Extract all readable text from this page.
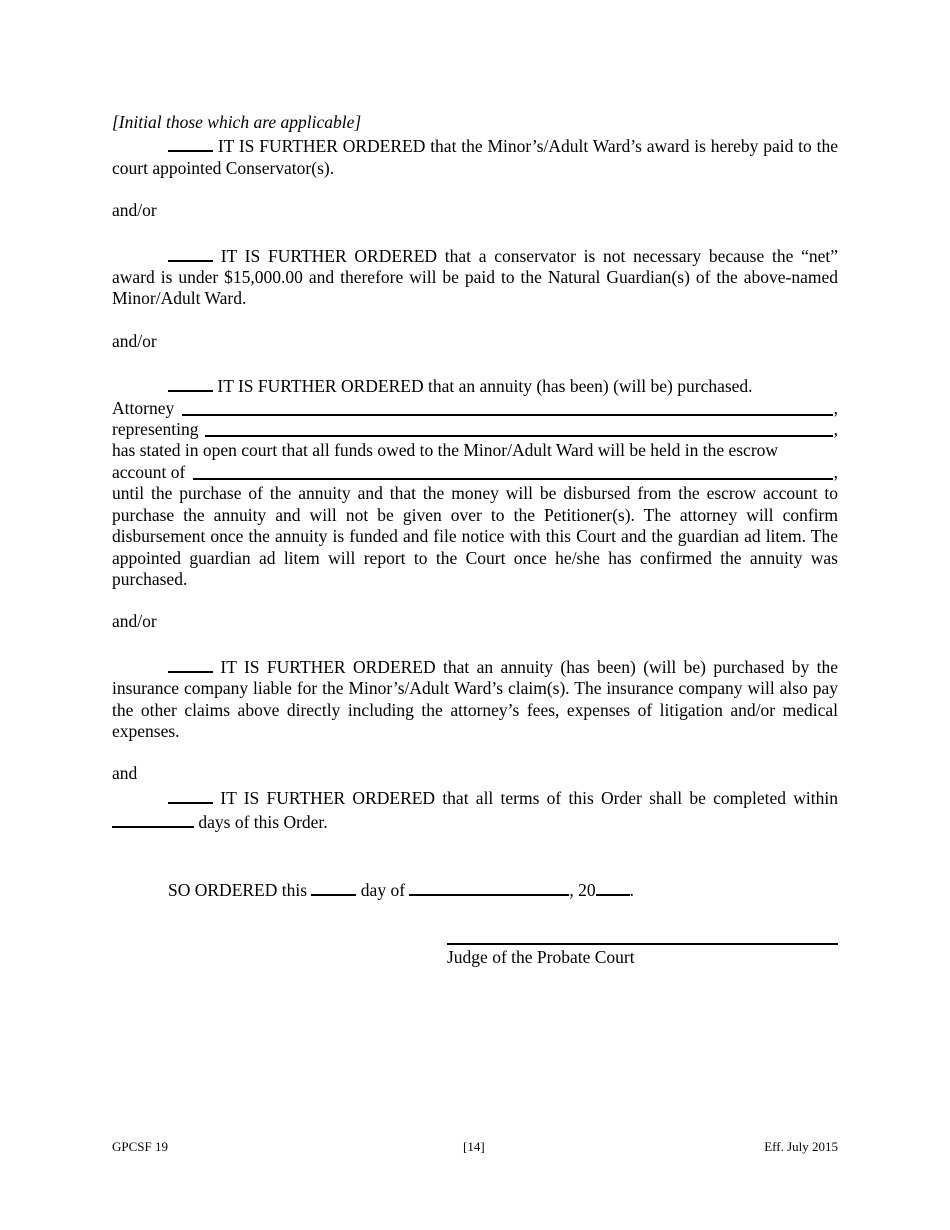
[Initial those which are applicable]

IT IS FURTHER ORDERED that the Minor’s/Adult Ward’s award is hereby paid to the court appointed Conservator(s).

and/or

IT IS FURTHER ORDERED that a conservator is not necessary because the “net” award is under $15,000.00 and therefore will be paid to the Natural Guardian(s) of the above-named Minor/Adult Ward.

and/or

IT IS FURTHER ORDERED that an annuity (has been) (will be) purchased.

Attorney	,
representing	,

has stated in open court that all funds owed to the Minor/Adult Ward will be held in the escrow

account of	,

until the purchase of the annuity and that the money will be disbursed from the escrow account to purchase the annuity and will not be given over to the Petitioner(s). The attorney will confirm disbursement once the annuity is funded and file notice with this Court and the guardian ad litem. The appointed guardian ad litem will report to the Court once he/she has confirmed the annuity was purchased.

and/or

IT IS FURTHER ORDERED that an annuity (has been) (will be) purchased by the insurance company liable for the Minor’s/Adult Ward’s claim(s). The insurance company will also pay the other claims above directly including the attorney’s fees, expenses of litigation and/or medical expenses.

and

IT IS FURTHER ORDERED that all terms of this Order shall be completed within  days of this Order.

SO ORDERED this	day of	, 20 .

Judge of the Probate Court
GPCSF 19	[14]	Eff. July 2015
